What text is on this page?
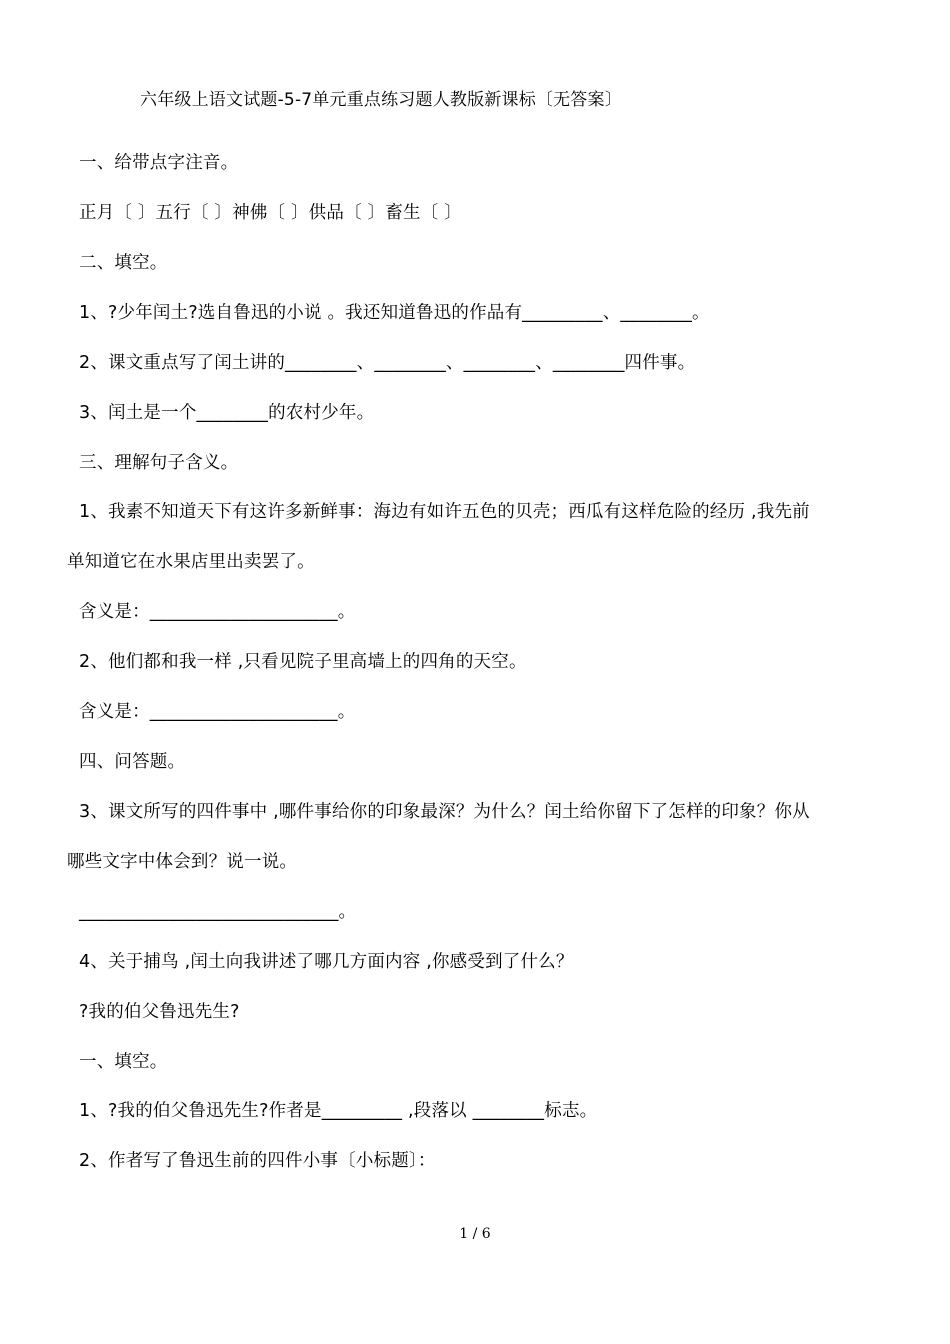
六年级上语文试题-5-7单元重点练习题人教版新课标〔无答案〕
一、给带点字注音。
正月〔 〕五行〔 〕神佛〔 〕供品〔 〕畜生〔 〕
二、填空。
1、?少年闰土?选自鲁迅的小说 。我还知道鲁迅的作品有_________、________。
2、课文重点写了闰土讲的________、________、________、________四件事。
3、闰土是一个________的农村少年。
三、理解句子含义。
1、我素不知道天下有这许多新鲜事：海边有如许五色的贝壳；西瓜有这样危险的经历 ,我先前
单知道它在水果店里出卖罢了。
含义是：_____________________。
2、他们都和我一样 ,只看见院子里高墙上的四角的天空。
含义是：_____________________。
四、问答题。
3、课文所写的四件事中 ,哪件事给你的印象最深？为什么？闰土给你留下了怎样的印象？你从
哪些文字中体会到？说一说。
_____________________________。
4、关于捕鸟 ,闰土向我讲述了哪几方面内容 ,你感受到了什么？
?我的伯父鲁迅先生?
一、填空。
1、?我的伯父鲁迅先生?作者是_________ ,段落以 ________标志。
2、作者写了鲁迅生前的四件小事〔小标题〕：
1 / 6
